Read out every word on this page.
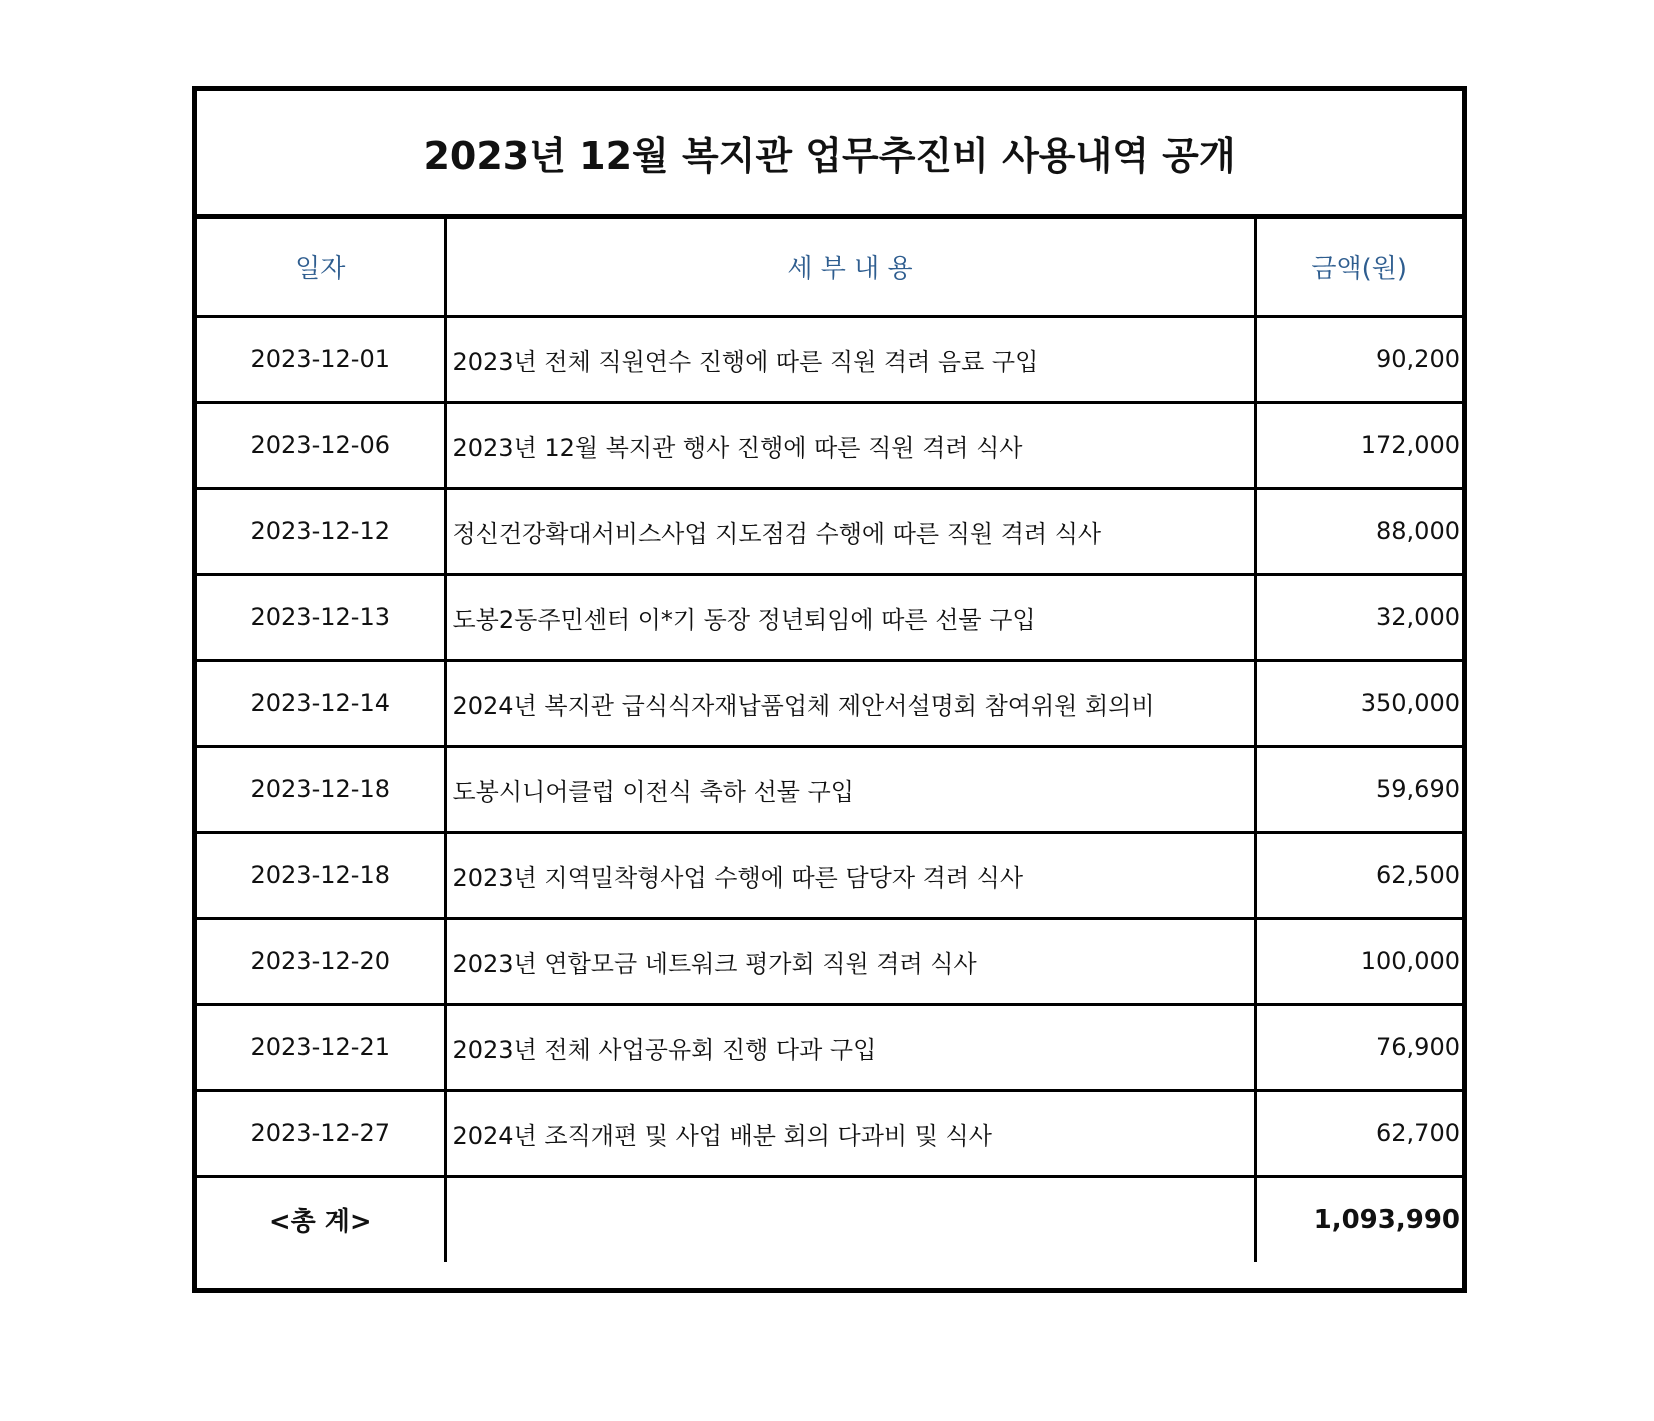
2023년 12월 복지관 업무추진비 사용내역 공개
일자	세 부 내 용	금액(원)
2023-12-01	2023년 전체 직원연수 진행에 따른 직원 격려 음료 구입	90,200
2023-12-06	2023년 12월 복지관 행사 진행에 따른 직원 격려 식사	172,000
2023-12-12	정신건강확대서비스사업 지도점검 수행에 따른 직원 격려 식사	88,000
2023-12-13	도봉2동주민센터 이*기 동장 정년퇴임에 따른 선물 구입	32,000
2023-12-14	2024년 복지관 급식식자재납품업체 제안서설명회 참여위원 회의비	350,000
2023-12-18	도봉시니어클럽 이전식 축하 선물 구입	59,690
2023-12-18	2023년 지역밀착형사업 수행에 따른 담당자 격려 식사	62,500
2023-12-20	2023년 연합모금 네트워크 평가회 직원 격려 식사	100,000
2023-12-21	2023년 전체 사업공유회 진행 다과 구입	76,900
2023-12-27	2024년 조직개편 및 사업 배분 회의 다과비 및 식사	62,700
<총 계>		1,093,990
